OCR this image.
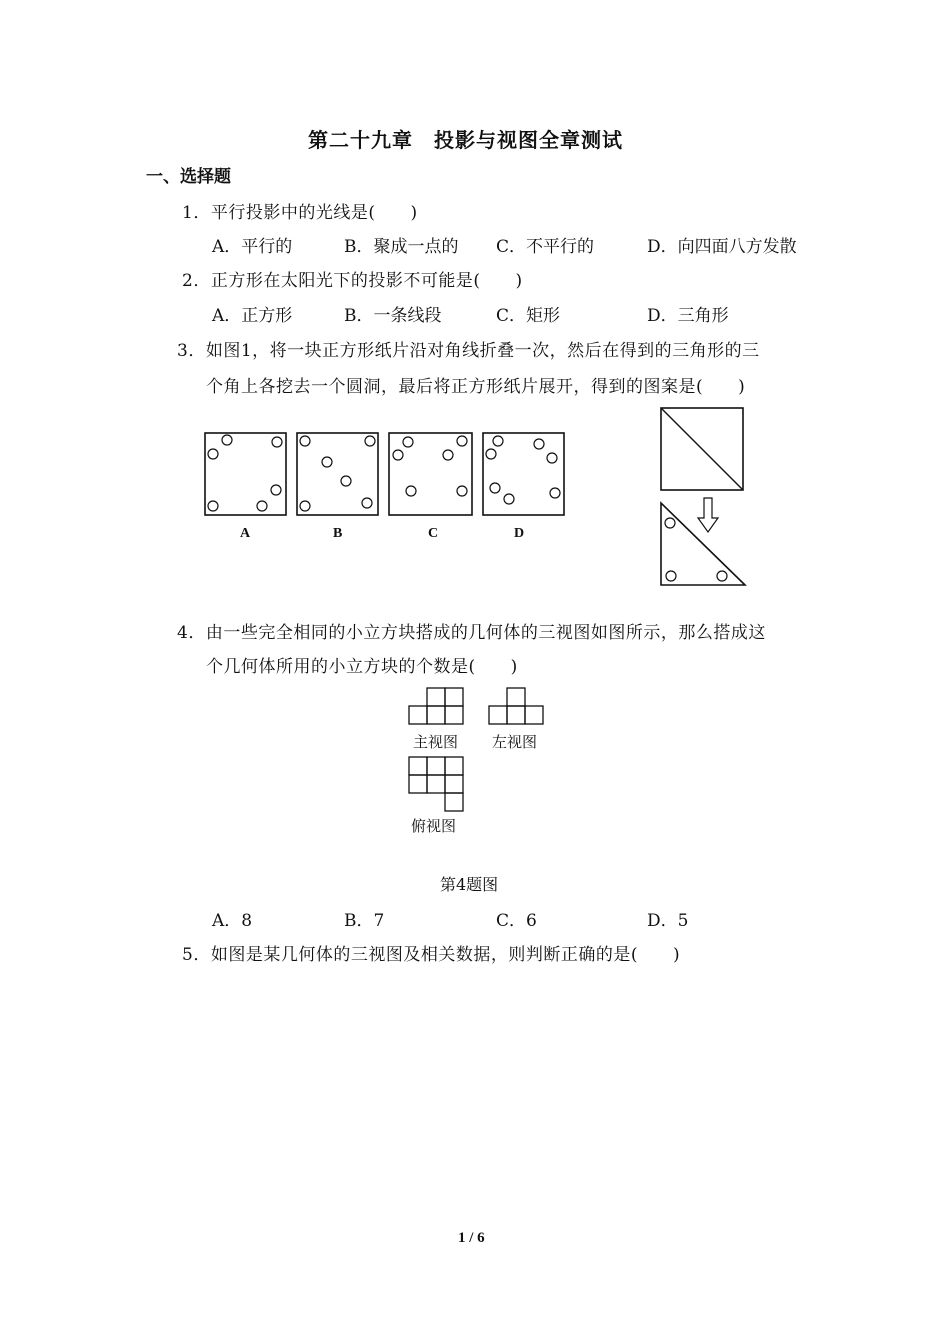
第二十九章　投影与视图全章测试
一、选择题
1．平行投影中的光线是(　　)
A．平行的	B．聚成一点的 C．不平行的	D．向四面八方发散
2．正方形在太阳光下的投影不可能是(　　)
A．正方形	B．一条线段	C．矩形	D．三角形
3．如图1，将一块正方形纸片沿对角线折叠一次，然后在得到的三角形的三
个角上各挖去一个圆洞，最后将正方形纸片展开，得到的图案是(　　)
A	B	C	D
4．由一些完全相同的小立方块搭成的几何体的三视图如图所示，那么搭成这
个几何体所用的小立方块的个数是(　　)
主视图 左视图
俯视图
第4题图
A．8	B．7	C．6	D．5
5．如图是某几何体的三视图及相关数据，则判断正确的是(　　)
1 / 6
